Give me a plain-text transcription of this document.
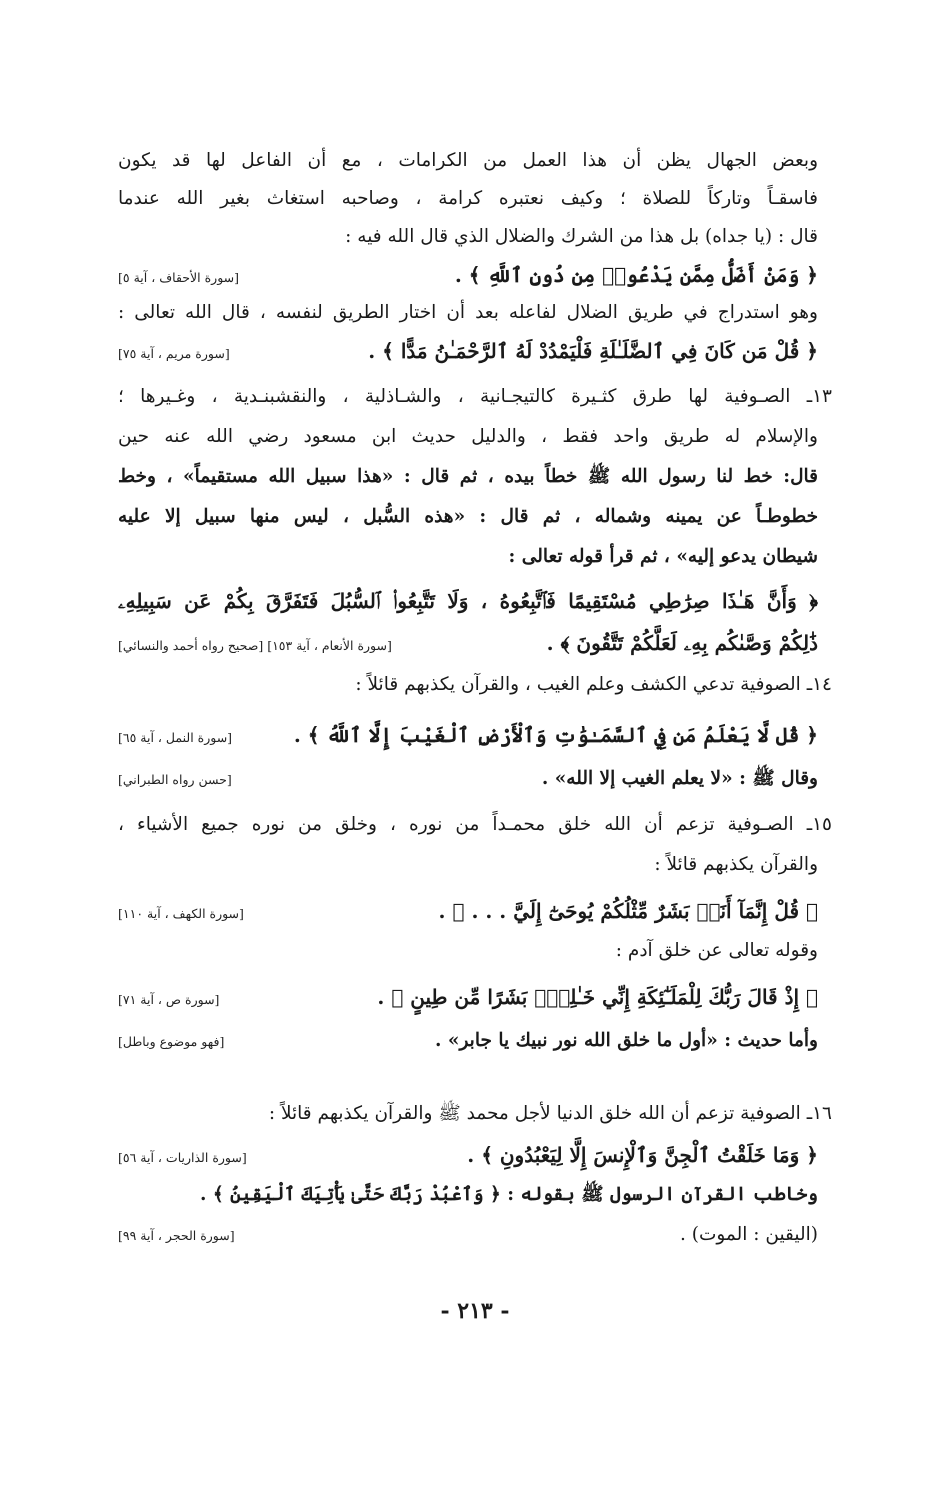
وبعض الجهال يظن أن هذا العمل من الكرامات ، مع أن الفاعل لها قد يكون
فاسقـاً وتاركاً للصلاة ؛ وكيف نعتبره كرامة ، وصاحبه استغاث بغير الله عندما
قال : (يا جداه) بل هذا من الشرك والضلال الذي قال الله فيه :
﴿ وَمَنْ أَضَلُّ مِمَّن يَدْعُوا۟ مِن دُونِ ٱللَّهِ ﴾ .
[سورة الأحقاف ، آية ٥]
وهو استدراج في طريق الضلال لفاعله بعد أن اختار الطريق لنفسه ، قال الله تعالى :
﴿ قُلْ مَن كَانَ فِي ٱلضَّلَـٰلَةِ فَلْيَمْدُدْ لَهُ ٱلرَّحْمَـٰنُ مَدًّا ﴾ .
[سورة مريم ، آية ٧٥]
١٣ـ الصـوفية لها طرق كثـيرة كالتيجـانية ، والشـاذلية ، والنقشبنـدية ، وغـيرها ؛
والإسلام له طريق واحد فقط ، والدليل حديث ابن مسعود رضي الله عنه حين
قال: خط لنا رسول الله ﷺ خطاً بيده ، ثم قال : «هذا سبيل الله مستقيماً» ، وخط
خطوطـاً عن يمينه وشماله ، ثم قال : «هذه السُّبل ، ليس منها سبيل إلا عليه
شيطان يدعو إليه» ، ثم قرأ قوله تعالى :
﴿ وَأَنَّ هَـٰذَا صِرَٰطِي مُسْتَقِيمًا فَٱتَّبِعُوهُ ، وَلَا تَتَّبِعُوا۟ ٱلسُّبُلَ فَتَفَرَّقَ بِكُمْ عَن سَبِيلِهِۦ
ذَٰلِكُمْ وَصَّىٰكُم بِهِۦ لَعَلَّكُمْ تَتَّقُونَ ﴾ .
[سورة الأنعام ، آية ١٥٣] [صحيح رواه أحمد والنسائي]
١٤ـ الصوفية تدعي الكشف وعلم الغيب ، والقرآن يكذبهم قائلاً :
﴿ قُل لَّا يَعْلَمُ مَن فِي ٱلسَّمَـٰوَٰتِ وَٱلْأَرْضِ ٱلْغَيْبَ إِلَّا ٱللَّهُ ﴾ .
[سورة النمل ، آية ٦٥]
وقال ﷺ : «لا يعلم الغيب إلا الله» .
[حسن رواه الطبراني]
١٥ـ الصـوفية تزعم أن الله خلق محمـداً من نوره ، وخلق من نوره جميع الأشياء ،
والقرآن يكذبهم قائلاً :
﴿ قُلْ إِنَّمَآ أَنَا۠ بَشَرٌ مِّثْلُكُمْ يُوحَىٰٓ إِلَيَّ . . . ﴾ .
[سورة الكهف ، آية ١١٠]
وقوله تعالى عن خلق آدم :
﴿ إِذْ قَالَ رَبُّكَ لِلْمَلَـٰٓئِكَةِ إِنِّي خَـٰلِقٌۢ بَشَرًا مِّن طِينٍ ﴾ .
[سورة ص ، آية ٧١]
وأما حديث : «أول ما خلق الله نور نبيك يا جابر» .
[فهو موضوع وباطل]
١٦ـ الصوفية تزعم أن الله خلق الدنيا لأجل محمد ﷺ والقرآن يكذبهم قائلاً :
﴿ وَمَا خَلَقْتُ ٱلْجِنَّ وَٱلْإِنسَ إِلَّا لِيَعْبُدُونِ ﴾ .
[سورة الذاريات ، آية ٥٦]
وخاطب القرآن الرسول ﷺ بقوله : ﴿ وَٱعْبُدْ رَبَّكَ حَتَّىٰ يَأْتِيَكَ ٱلْيَقِينُ ﴾ .
(اليقين : الموت) .
[سورة الحجر ، آية ٩٩]
- ٢١٣ -
